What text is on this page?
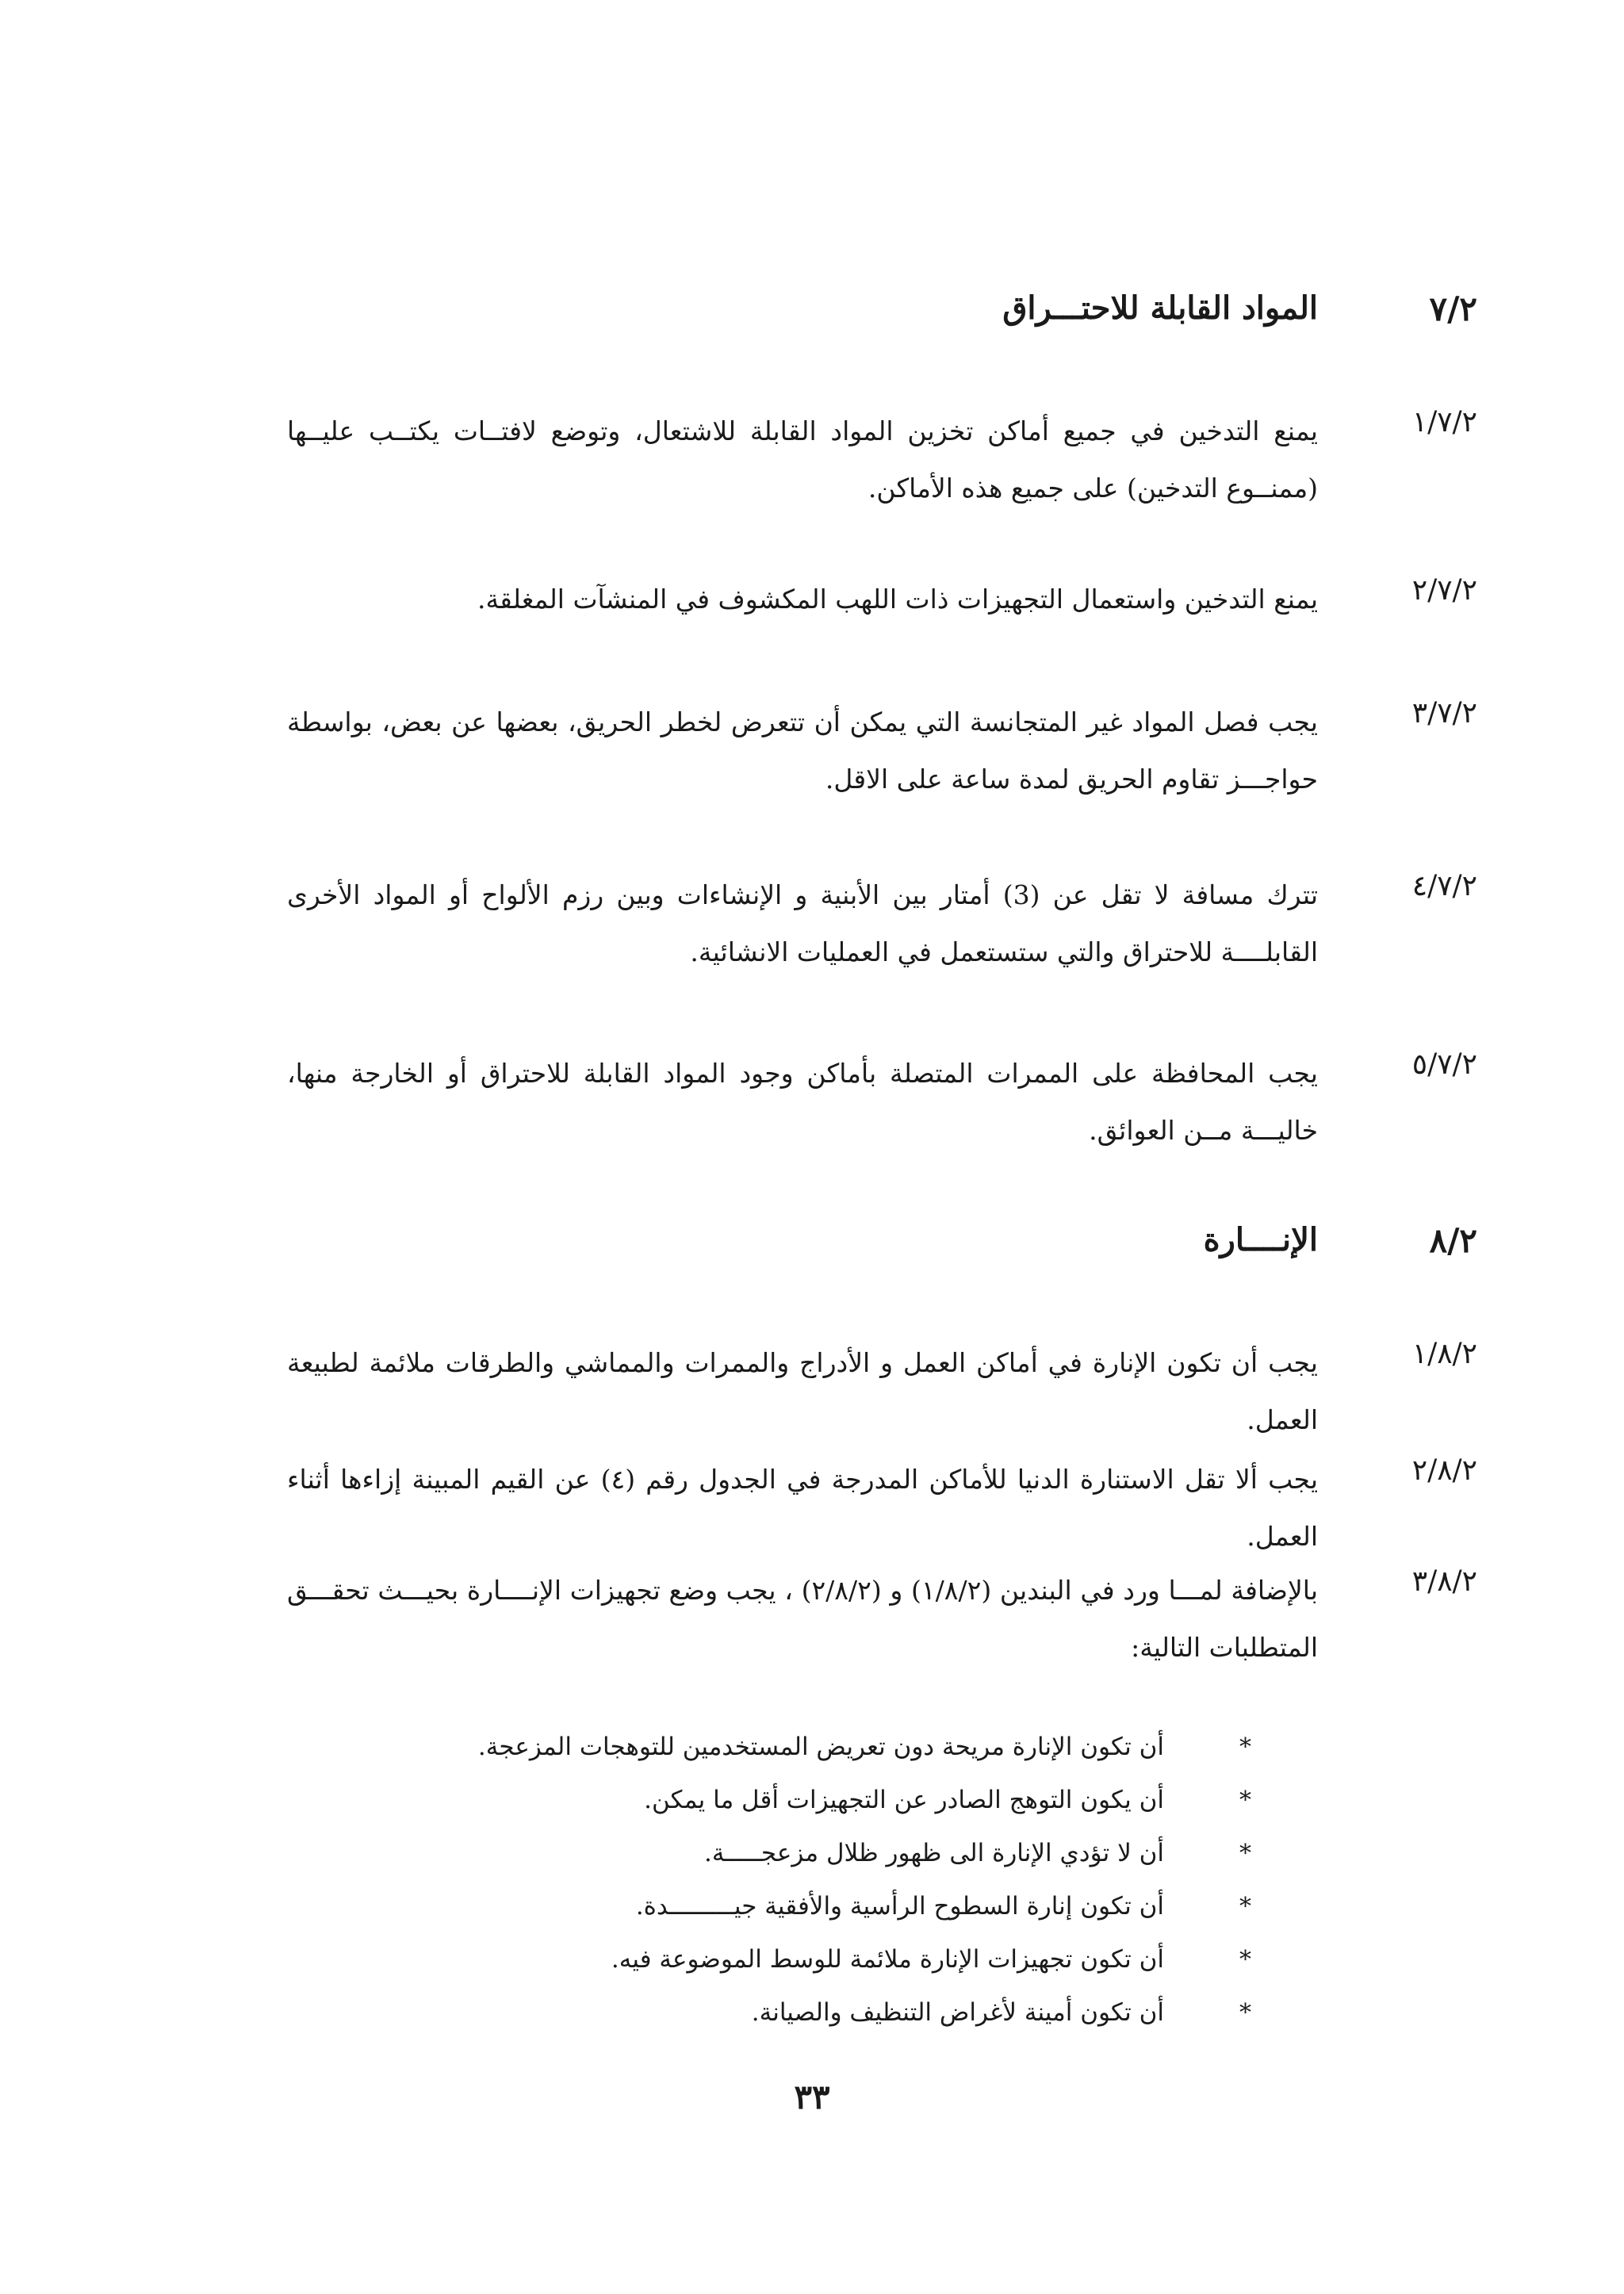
٧/٢
المواد القابلة للاحتـــراق
١/٧/٢
يمنع التدخين في جميع أماكن تخزين المواد القابلة للاشتعال، وتوضع لافتــات يكتــب عليــها (ممنــوع التدخين) على جميع هذه الأماكن.
٢/٧/٢
يمنع التدخين واستعمال التجهيزات ذات اللهب المكشوف في المنشآت المغلقة.
٣/٧/٢
يجب فصل المواد غير المتجانسة التي يمكن أن تتعرض لخطر الحريق، بعضها عن بعض، بواسطة حواجـــز تقاوم الحريق لمدة ساعة على الاقل.
٤/٧/٢
تترك مسافة لا تقل عن (3) أمتار بين الأبنية و الإنشاءات وبين رزم الألواح أو المواد الأخرى القابلــــة للاحتراق والتي ستستعمل في العمليات الانشائية.
٥/٧/٢
يجب المحافظة على الممرات المتصلة بأماكن وجود المواد القابلة للاحتراق أو الخارجة منها، خاليـــة مــن العوائق.
٨/٢
الإنــــارة
١/٨/٢
يجب أن تكون الإنارة في أماكن العمل و الأدراج والممرات والمماشي والطرقات ملائمة لطبيعة العمل.
٢/٨/٢
يجب ألا تقل الاستنارة الدنيا للأماكن المدرجة في الجدول رقم (٤) عن القيم المبينة إزاءها أثناء العمل.
٣/٨/٢
بالإضافة لمـــا ورد في البندين (١/٨/٢) و (٢/٨/٢) ، يجب وضع تجهيزات الإنــــارة بحيـــث تحقـــق المتطلبات التالية:
*
أن تكون الإنارة مريحة دون تعريض المستخدمين للتوهجات المزعجة.
*
أن يكون التوهج الصادر عن التجهيزات أقل ما يمكن.
*
أن لا تؤدي الإنارة الى ظهور ظلال مزعجـــــة.
*
أن تكون إنارة السطوح الرأسية والأفقية جيـــــــــدة.
*
أن تكون تجهيزات الإنارة ملائمة للوسط الموضوعة فيه.
*
أن تكون أمينة لأغراض التنظيف والصيانة.
٣٣
